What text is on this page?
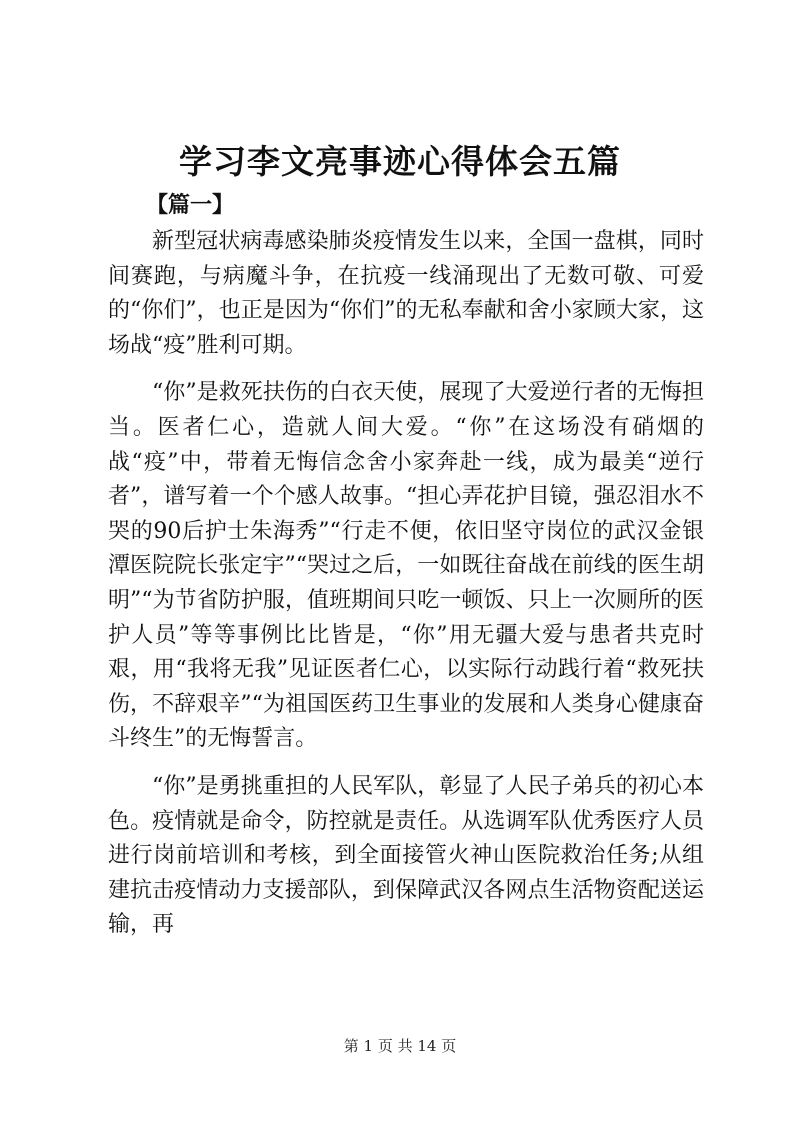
学习李文亮事迹心得体会五篇
【篇一】

新型冠状病毒感染肺炎疫情发生以来，全国一盘棋，同时间赛跑，与病魔斗争，在抗疫一线涌现出了无数可敬、可爱的“你们”，也正是因为“你们”的无私奉献和舍小家顾大家，这场战“疫”胜利可期。

“你”是救死扶伤的白衣天使，展现了大爱逆行者的无悔担当。医者仁心，造就人间大爱。“你”在这场没有硝烟的战“疫”中，带着无悔信念舍小家奔赴一线，成为最美“逆行者”，谱写着一个个感人故事。“担心弄花护目镜，强忍泪水不哭的90后护士朱海秀”“行走不便，依旧坚守岗位的武汉金银潭医院院长张定宇”“哭过之后，一如既往奋战在前线的医生胡明”“为节省防护服，值班期间只吃一顿饭、只上一次厕所的医护人员”等等事例比比皆是，“你”用无疆大爱与患者共克时艰，用“我将无我”见证医者仁心，以实际行动践行着“救死扶伤，不辞艰辛”“为祖国医药卫生事业的发展和人类身心健康奋斗终生”的无悔誓言。

“你”是勇挑重担的人民军队，彰显了人民子弟兵的初心本色。疫情就是命令，防控就是责任。从选调军队优秀医疗人员进行岗前培训和考核，到全面接管火神山医院救治任务;从组建抗击疫情动力支援部队，到保障武汉各网点生活物资配送运输，再

第 1 页 共 14 页
